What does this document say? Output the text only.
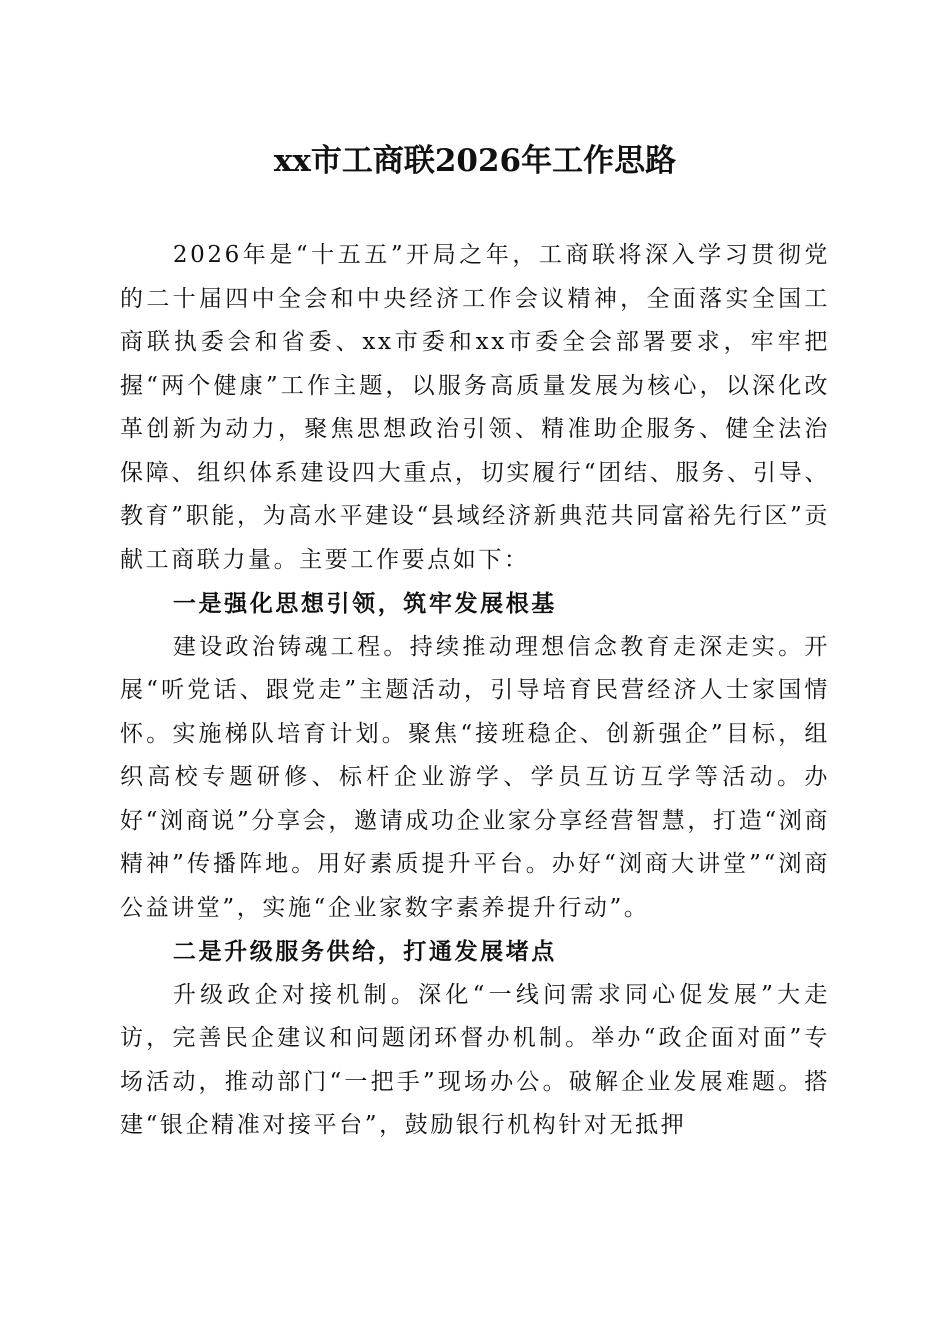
xx市工商联2026年工作思路

2026年是“十五五”开局之年，工商联将深入学习贯彻党的二十届四中全会和中央经济工作会议精神，全面落实全国工商联执委会和省委、xx市委和xx市委全会部署要求，牢牢把握“两个健康”工作主题，以服务高质量发展为核心，以深化改革创新为动力，聚焦思想政治引领、精准助企服务、健全法治保障、组织体系建设四大重点，切实履行“团结、服务、引导、教育”职能，为高水平建设“县域经济新典范共同富裕先行区”贡献工商联力量。主要工作要点如下：

一是强化思想引领，筑牢发展根基

建设政治铸魂工程。持续推动理想信念教育走深走实。开展“听党话、跟党走”主题活动，引导培育民营经济人士家国情怀。实施梯队培育计划。聚焦“接班稳企、创新强企”目标，组织高校专题研修、标杆企业游学、学员互访互学等活动。办好“浏商说”分享会，邀请成功企业家分享经营智慧，打造“浏商精神”传播阵地。用好素质提升平台。办好“浏商大讲堂”“浏商公益讲堂”，实施“企业家数字素养提升行动”。

二是升级服务供给，打通发展堵点

升级政企对接机制。深化“一线问需求同心促发展”大走访，完善民企建议和问题闭环督办机制。举办“政企面对面”专场活动，推动部门“一把手”现场办公。破解企业发展难题。搭建“银企精准对接平台”，鼓励银行机构针对无抵押
